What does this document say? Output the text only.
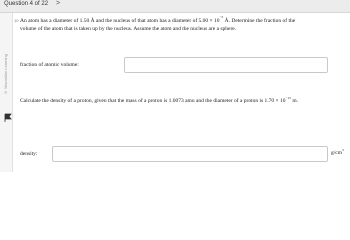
Question 4 of 22 >
© Macmillan Learning
10 An atom has a diameter of 1.50 Å and the nucleus of that atom has a diameter of $5.00 \times 10^{-5}$ Å. Determine the fraction of the
volume of the atom that is taken up by the nucleus. Assume the atom and the nucleus are a sphere.
fraction of atomic volume:
Calculate the density of a proton, given that the mass of a proton is 1.0073 amu and the diameter of a proton is $1.70 \times 10^{-15}$ m.
density:	$g/cm^3$
